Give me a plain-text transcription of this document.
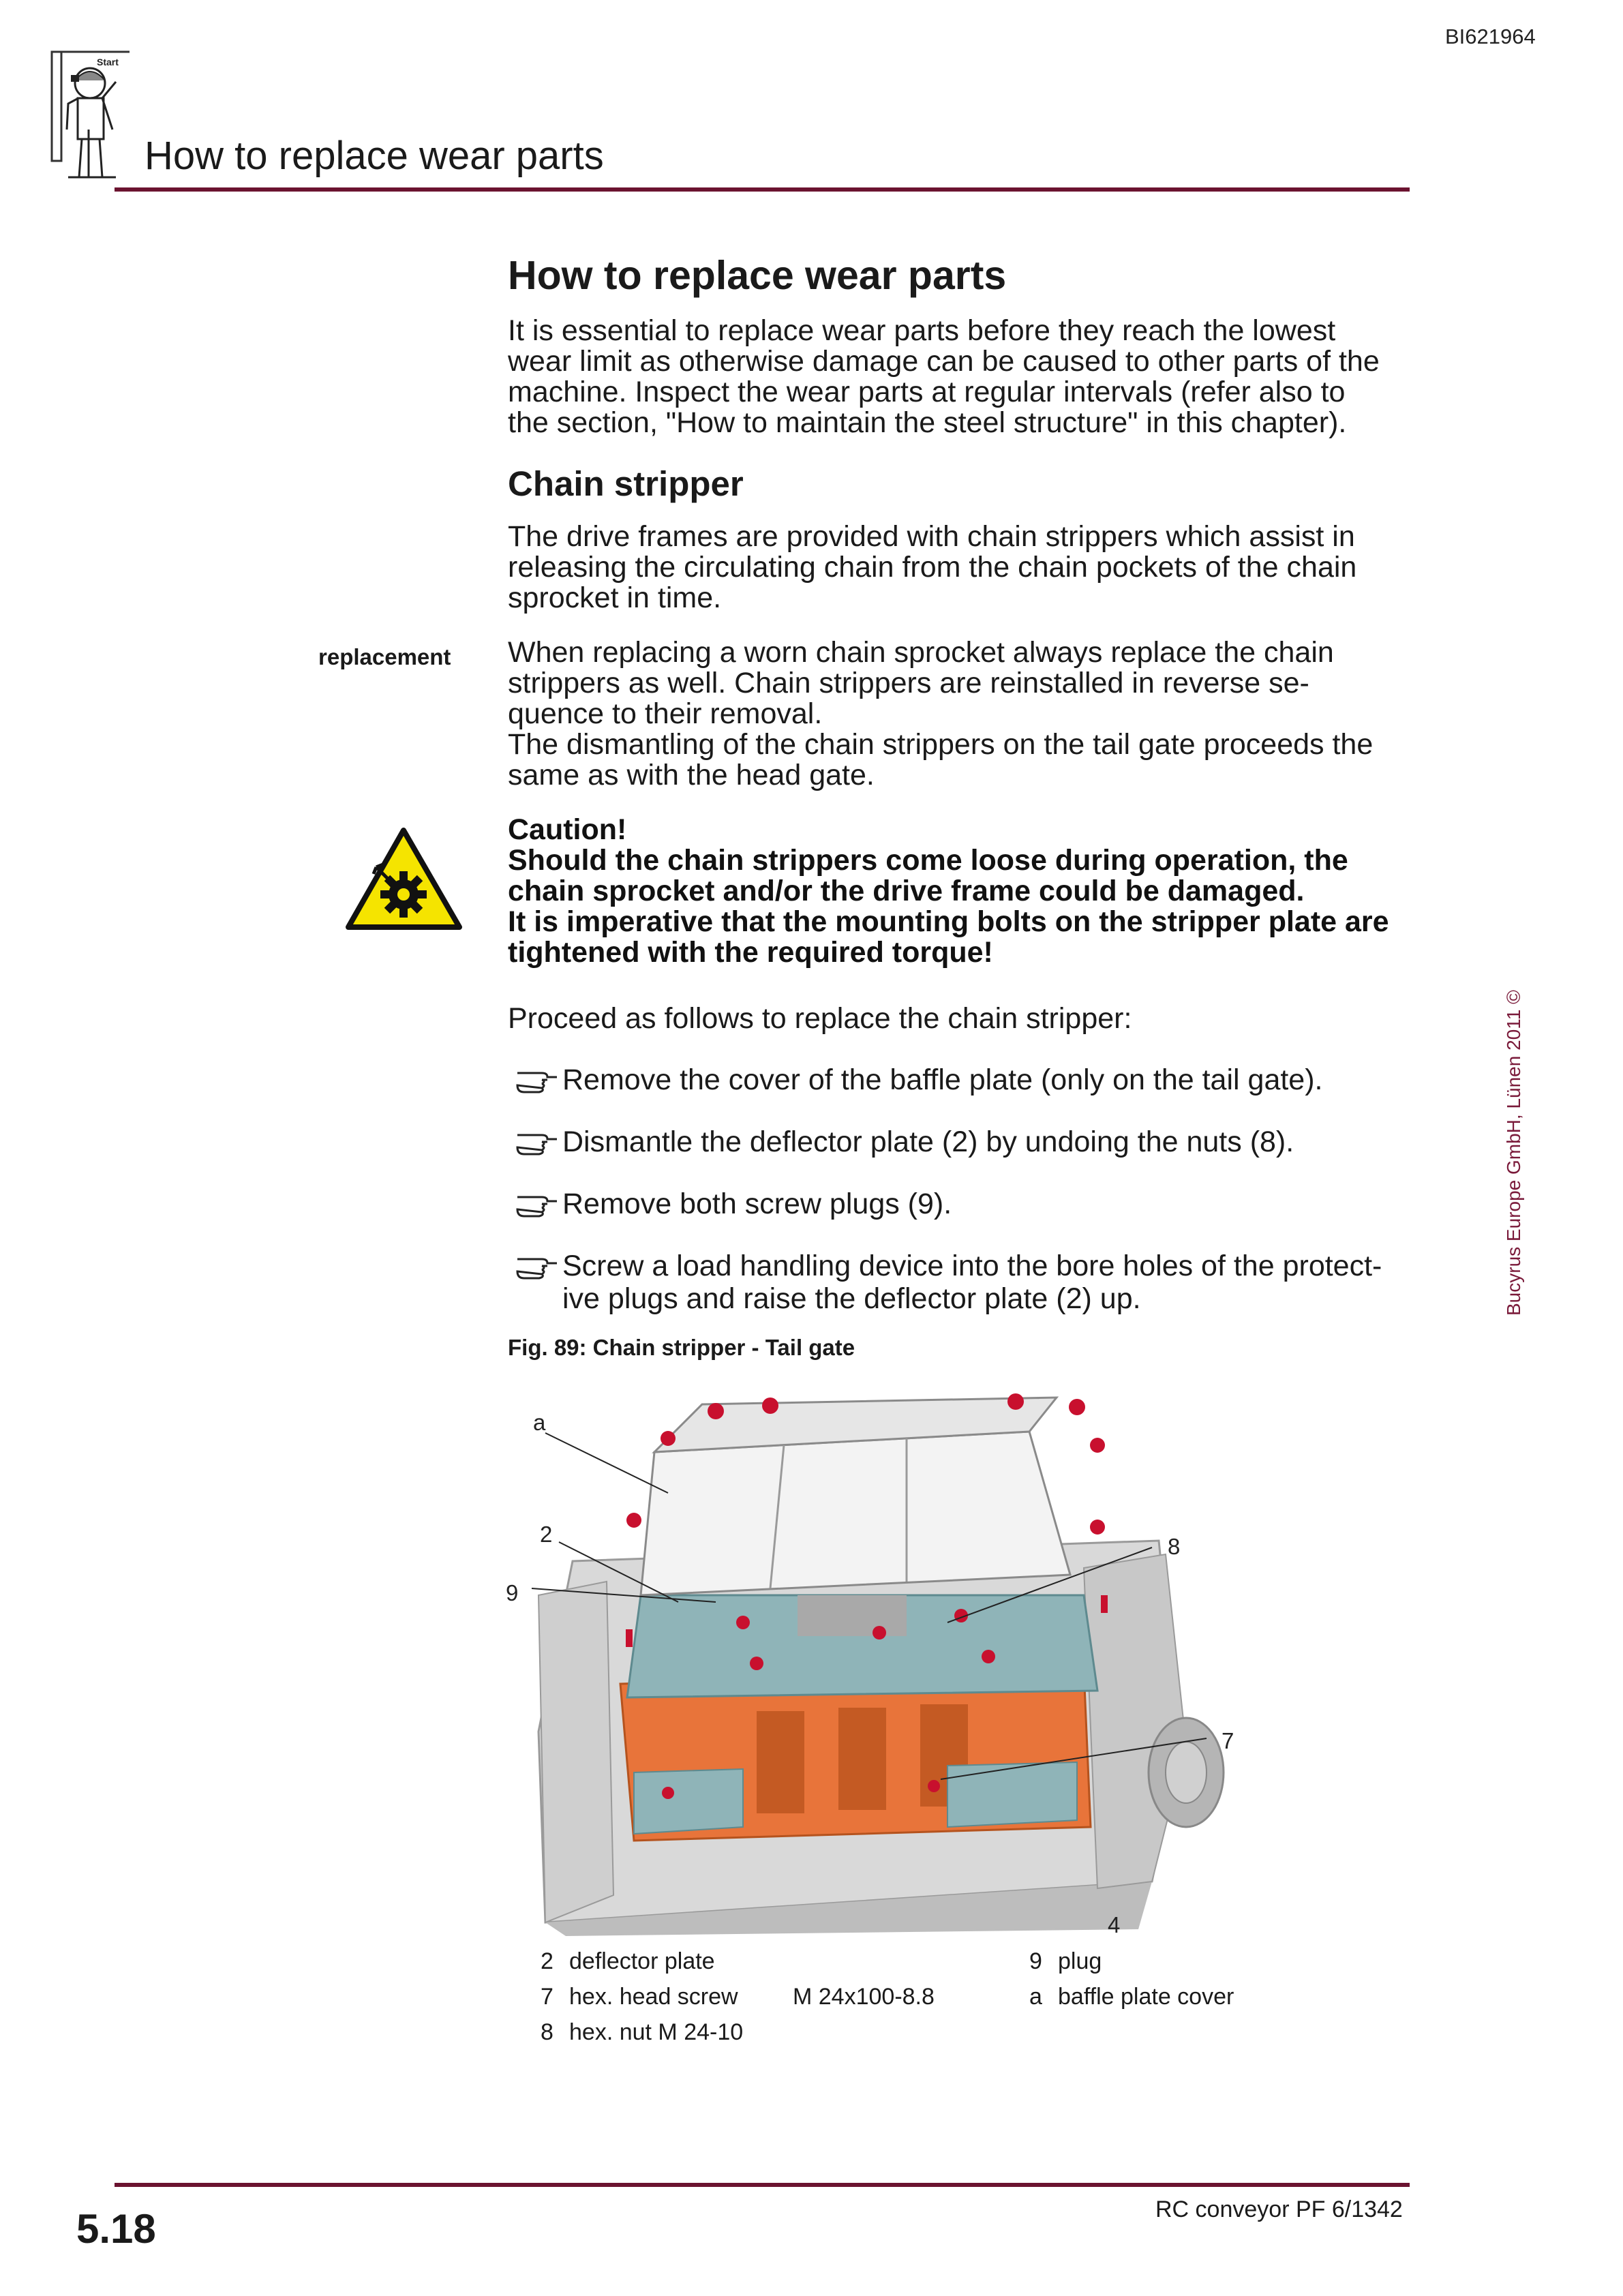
BI621964
Start
How to replace wear parts
How to replace wear parts

It is essential to replace wear parts before they reach the lowest

wear limit as otherwise damage can be caused to other parts of the

machine. Inspect the wear parts at regular intervals (refer also to

the section, "How to maintain the steel structure" in this chapter).

Chain stripper

The drive frames are provided with chain strippers which assist in

releasing the circulating chain from the chain pockets of the chain

sprocket in time.

replacement When replacing a worn chain sprocket always replace the chain

strippers as well. Chain strippers are reinstalled in reverse se-

quence to their removal.

The dismantling of the chain strippers on the tail gate proceeds the

same as with the head gate.

Caution!

Should the chain strippers come loose during operation, the

chain sprocket and/or the drive frame could be damaged.

It is imperative that the mounting bolts on the stripper plate are

tightened with the required torque!

Proceed as follows to replace the chain stripper:

Remove the cover of the baffle plate (only on the tail gate).
Dismantle the deflector plate (2) by undoing the nuts (8).
Remove both screw plugs (9).
Screw a load handling device into the bore holes of the protect-
ive plugs and raise the deflector plate (2) up.
Fig. 89: Chain stripper - Tail gate
a
2
9
8
7
4
2 deflector plate
7 hex. head screw M 24x100-8.8
8 hex. nut M 24-10
9 plug
a baffle plate cover
Bucyrus Europe GmbH, Lünen 2011 ©
5.18	RC conveyor PF 6/1342
